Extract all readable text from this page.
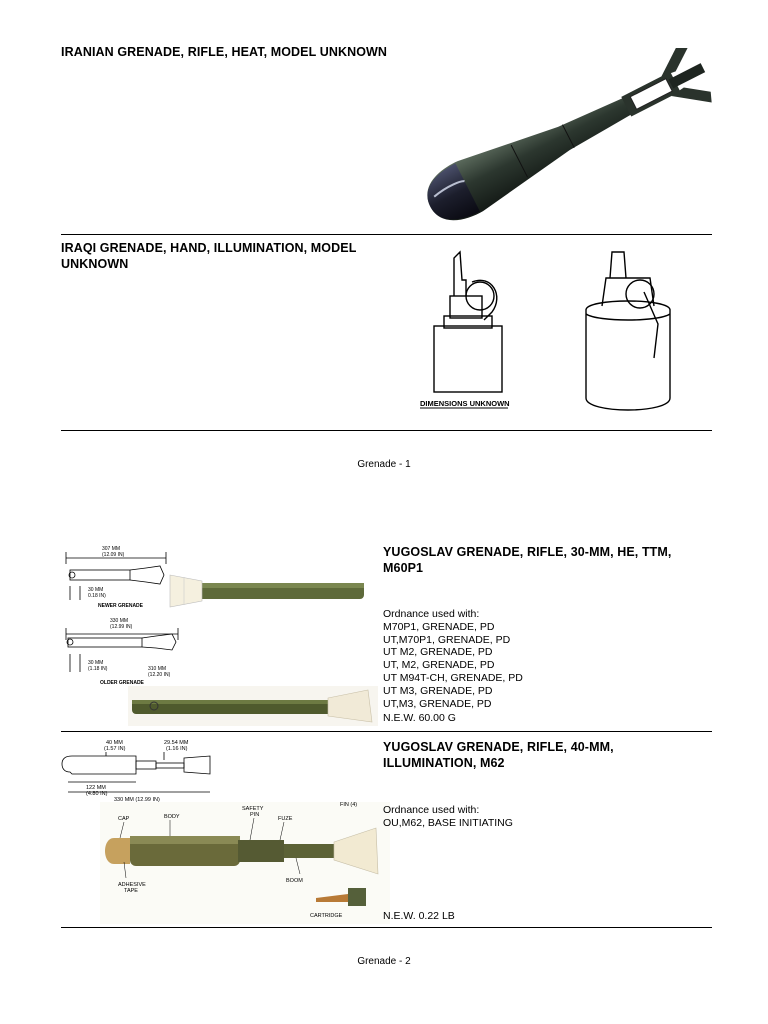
IRANIAN GRENADE, RIFLE, HEAT, MODEL UNKNOWN
IRAQI GRENADE, HAND, ILLUMINATION, MODEL
UNKNOWN
DIMENSIONS UNKNOWN
Grenade - 1
307 MM
(12.09 IN)
30 MM
0.18 IN)
NEWER GRENADE
330 MM
(12.99 IN)
30 MM
(1.18 IN)	310 MM
(12.20 IN)
OLDER GRENADE
YUGOSLAV GRENADE, RIFLE, 30-MM, HE, TTM,
M60P1
Ordnance used with:
M70P1, GRENADE, PD
UT,M70P1, GRENADE, PD
UT M2, GRENADE, PD
UT, M2, GRENADE, PD
UT M94T-CH, GRENADE, PD
UT M3, GRENADE, PD
UT,M3, GRENADE, PD
N.E.W. 60.00 G
40 MM
(1.57 IN)
29.54 MM
(1.16 IN)
122 MM
(4.80 IN)
330 MM (12.99 IN)
CAP	BODY
SAFETY
PIN
FUZE
FIN (4)
ADHESIVE
TAPE
BOOM
CARTRIDGE
YUGOSLAV GRENADE, RIFLE, 40-MM,
ILLUMINATION, M62
Ordnance used with:
OU,M62, BASE INITIATING
N.E.W. 0.22 LB
Grenade - 2
